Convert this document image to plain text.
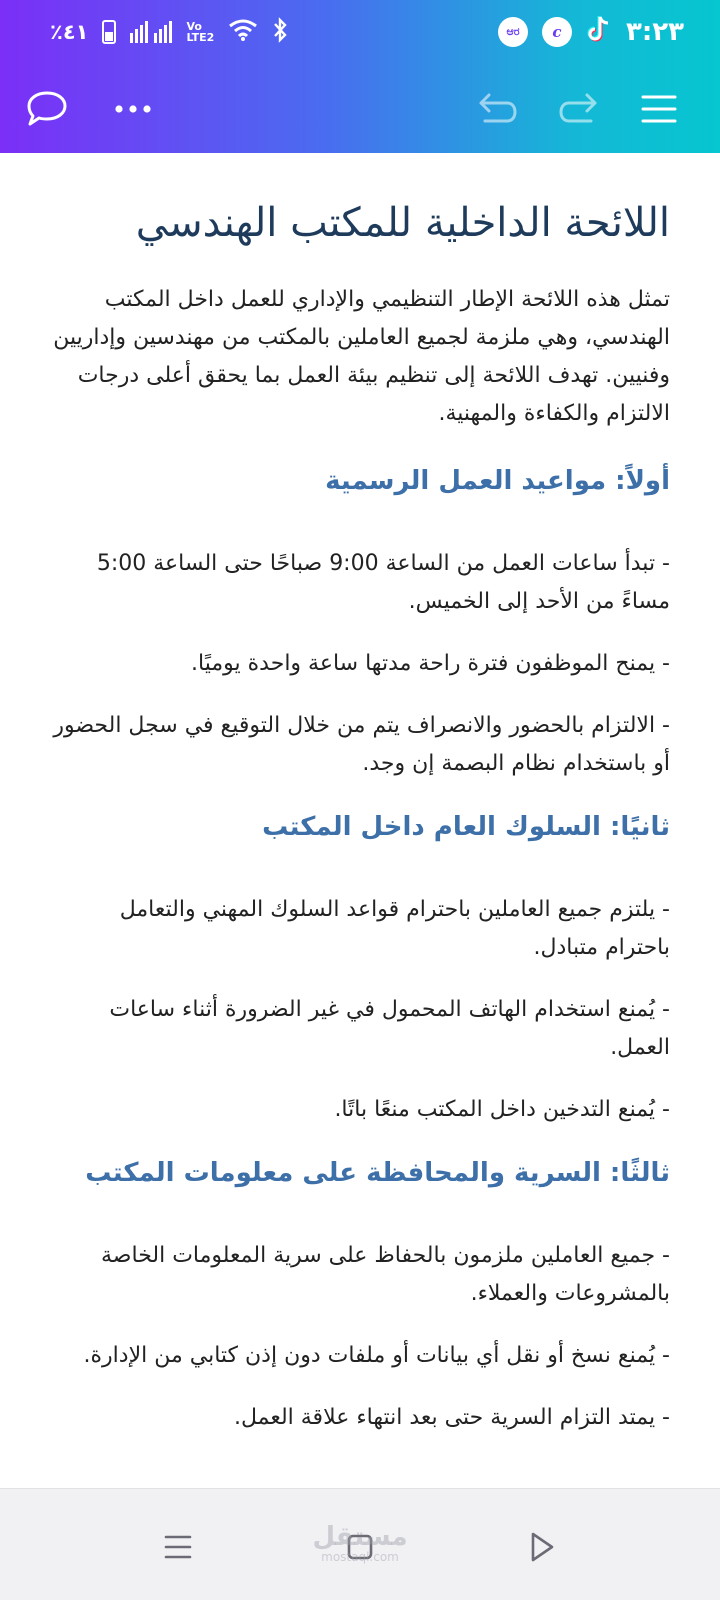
٪٤١	Vo LTE2	ಆರ	c	٣:٢٣
اللائحة الداخلية للمكتب الهندسي

تمثل هذه اللائحة الإطار التنظيمي والإداري للعمل داخل المكتب الهندسي، وهي ملزمة لجميع العاملين بالمكتب من مهندسين وإداريين وفنيين. تهدف اللائحة إلى تنظيم بيئة العمل بما يحقق أعلى درجات الالتزام والكفاءة والمهنية.

أولاً: مواعيد العمل الرسمية

- تبدأ ساعات العمل من الساعة 9:00 صباحًا حتى الساعة 5:00 مساءً من الأحد إلى الخميس.

- يمنح الموظفون فترة راحة مدتها ساعة واحدة يوميًا.

- الالتزام بالحضور والانصراف يتم من خلال التوقيع في سجل الحضور أو باستخدام نظام البصمة إن وجد.

ثانيًا: السلوك العام داخل المكتب

- يلتزم جميع العاملين باحترام قواعد السلوك المهني والتعامل باحترام متبادل.

- يُمنع استخدام الهاتف المحمول في غير الضرورة أثناء ساعات العمل.

- يُمنع التدخين داخل المكتب منعًا باتًا.

ثالثًا: السرية والمحافظة على معلومات المكتب

- جميع العاملين ملزمون بالحفاظ على سرية المعلومات الخاصة بالمشروعات والعملاء.

- يُمنع نسخ أو نقل أي بيانات أو ملفات دون إذن كتابي من الإدارة.

- يمتد التزام السرية حتى بعد انتهاء علاقة العمل.

مستقل
mostaql.com
